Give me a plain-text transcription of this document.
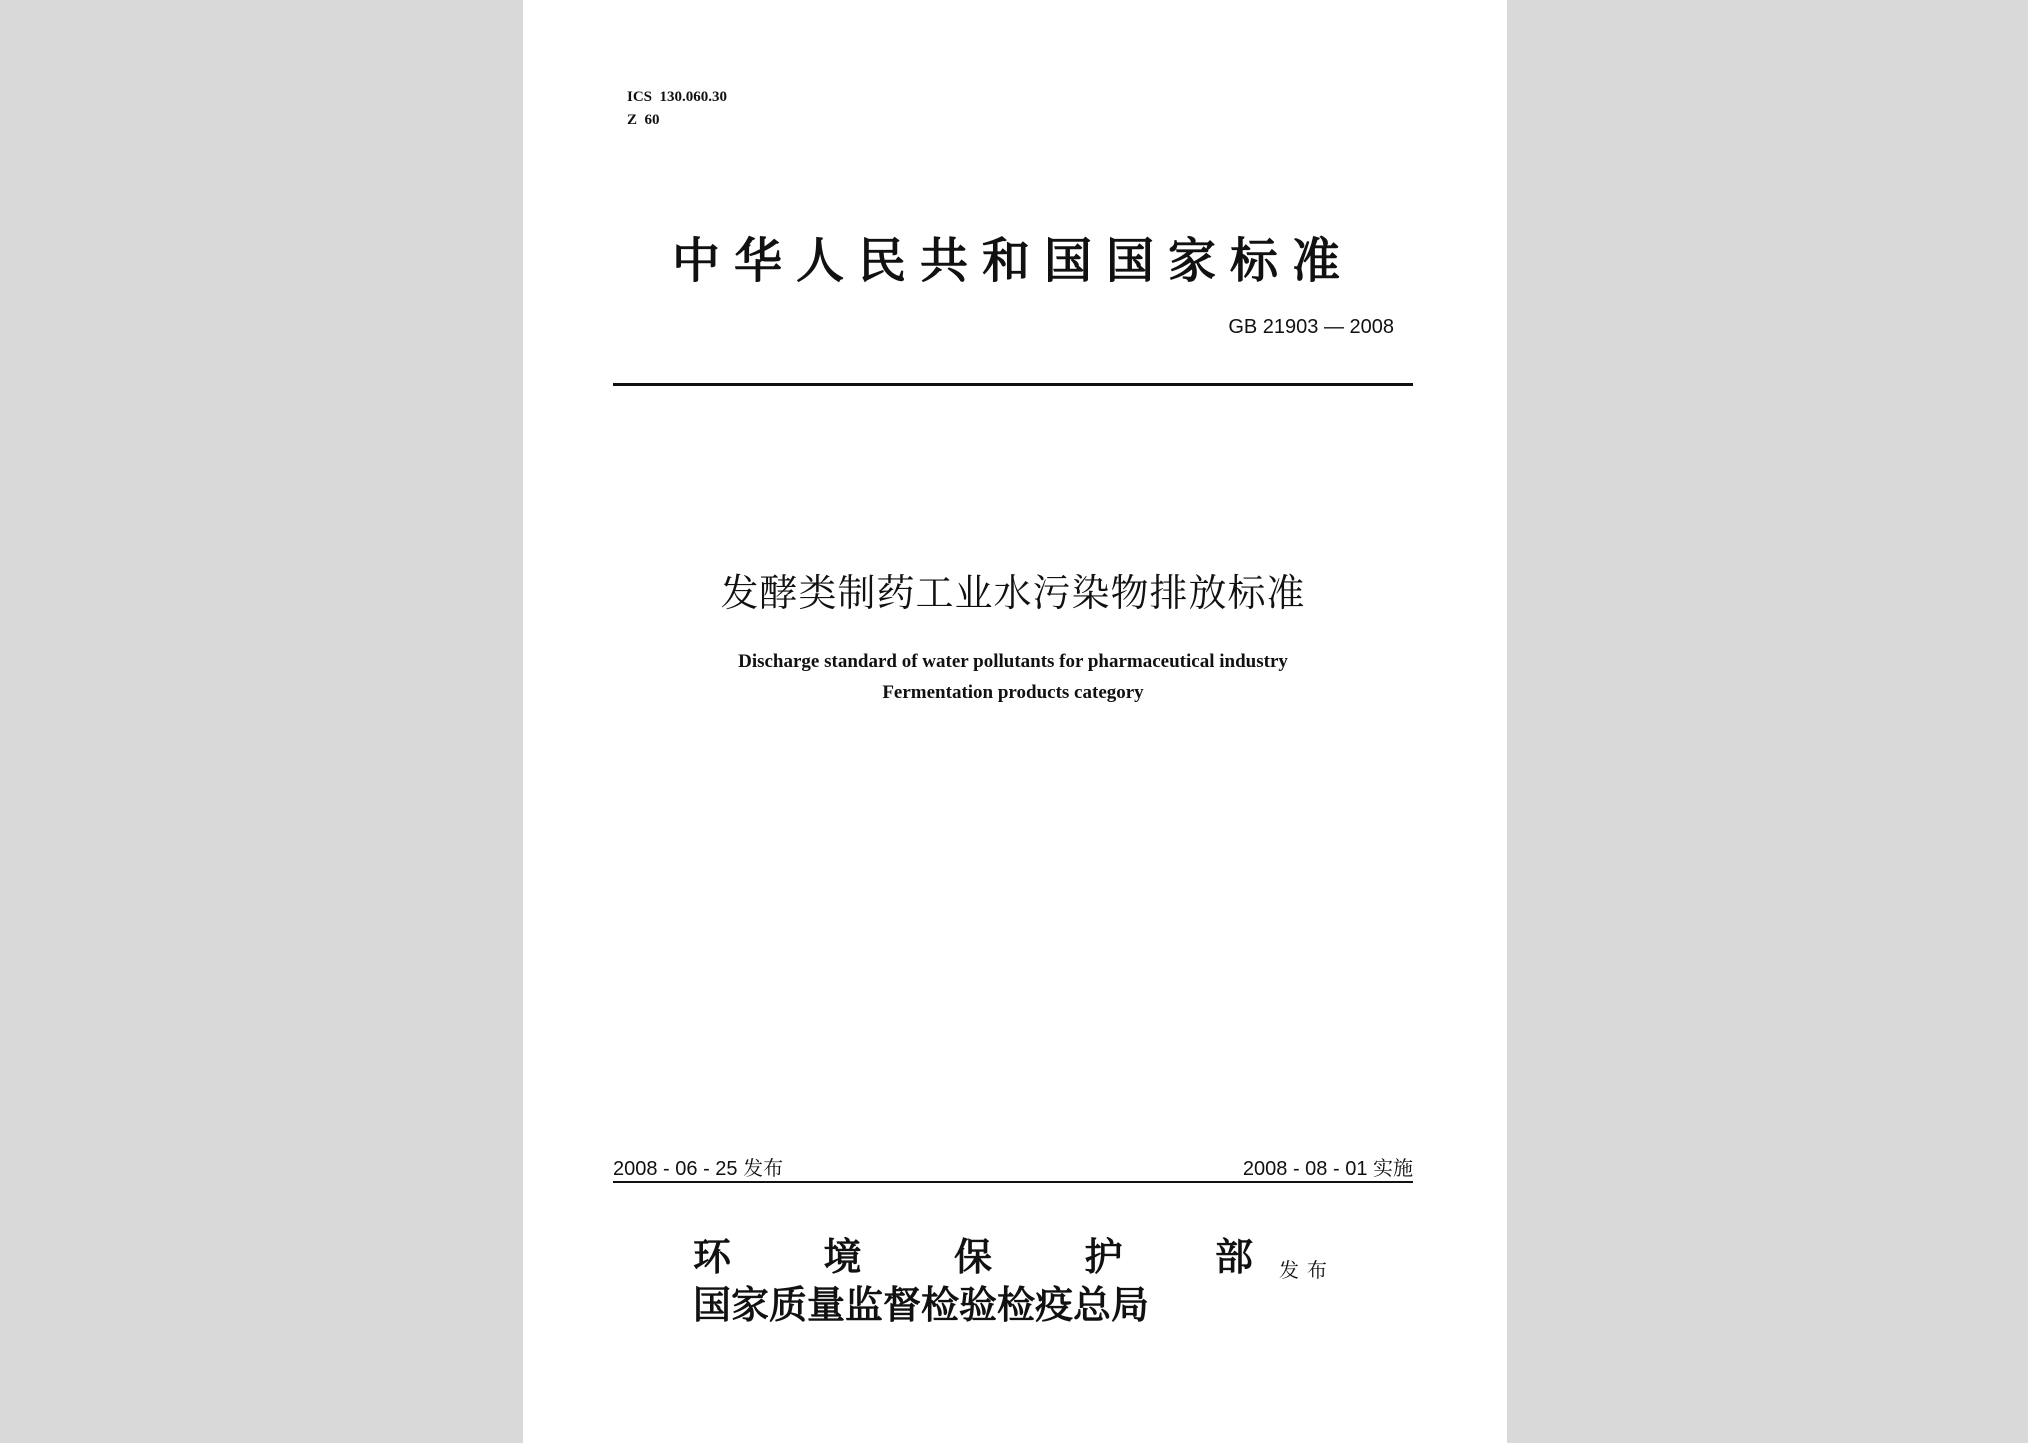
ICS  130.060.30
Z  60
中华人民共和国国家标准
GB 21903 — 2008
发酵类制药工业水污染物排放标准
Discharge standard of water pollutants for pharmaceutical industry
Fermentation products category
2008 - 06 - 25 发布	2008 - 08 - 01 实施
环 境 保 护 部
国家质量监督检验检疫总局
发布
